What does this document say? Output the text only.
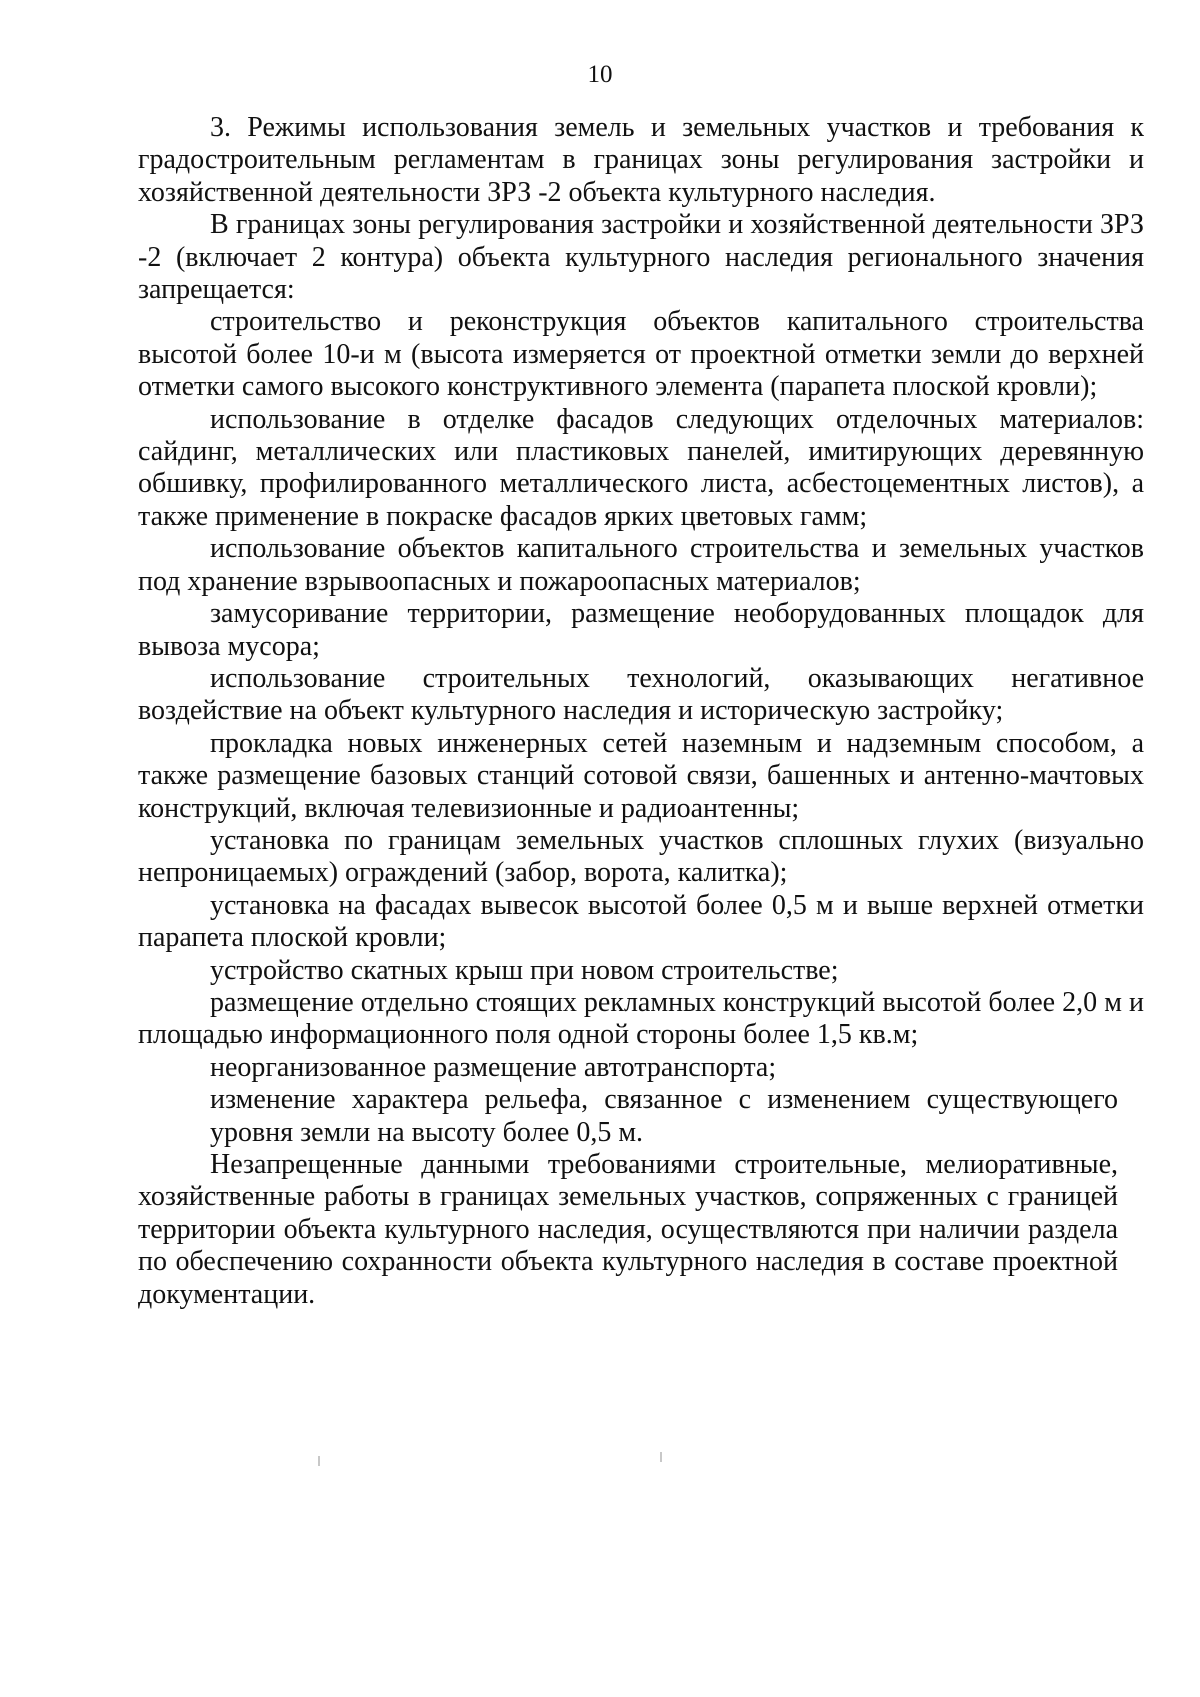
10

3. Режимы использования земель и земельных участков и требования к градостроительным регламентам в границах зоны регулирования застройки и хозяйственной деятельности ЗРЗ -2 объекта культурного наследия.

В границах зоны регулирования застройки и хозяйственной деятельности ЗРЗ -2 (включает 2 контура) объекта культурного наследия регионального значения запрещается:

строительство и реконструкция объектов капитального строительства высотой более 10-и м (высота измеряется от проектной отметки земли до верхней отметки самого высокого конструктивного элемента (парапета плоской кровли);

использование в отделке фасадов следующих отделочных материалов: сайдинг, металлических или пластиковых панелей, имитирующих деревянную обшивку, профилированного металлического листа, асбестоцементных листов), а также применение в покраске фасадов ярких цветовых гамм;

использование объектов капитального строительства и земельных участков под хранение взрывоопасных и пожароопасных материалов;

замусоривание территории, размещение необорудованных площадок для вывоза мусора;

использование строительных технологий, оказывающих негативное воздействие на объект культурного наследия и историческую застройку;

прокладка новых инженерных сетей наземным и надземным способом, а также размещение базовых станций сотовой связи, башенных и антенно-мачтовых конструкций, включая телевизионные и радиоантенны;

установка по границам земельных участков сплошных глухих (визуально непроницаемых) ограждений (забор, ворота, калитка);

установка на фасадах вывесок высотой более 0,5 м и выше верхней отметки парапета плоской кровли;

устройство скатных крыш при новом строительстве;

размещение отдельно стоящих рекламных конструкций высотой более 2,0 м и площадью информационного поля одной стороны более 1,5 кв.м;

неорганизованное размещение автотранспорта;

изменение характера рельефа, связанное с изменением существующего уровня земли на высоту более 0,5 м.

Незапрещенные данными требованиями строительные, мелиоративные, хозяйственные работы в границах земельных участков, сопряженных с границей территории объекта культурного наследия, осуществляются при наличии раздела по обеспечению сохранности объекта культурного наследия в составе проектной документации.
